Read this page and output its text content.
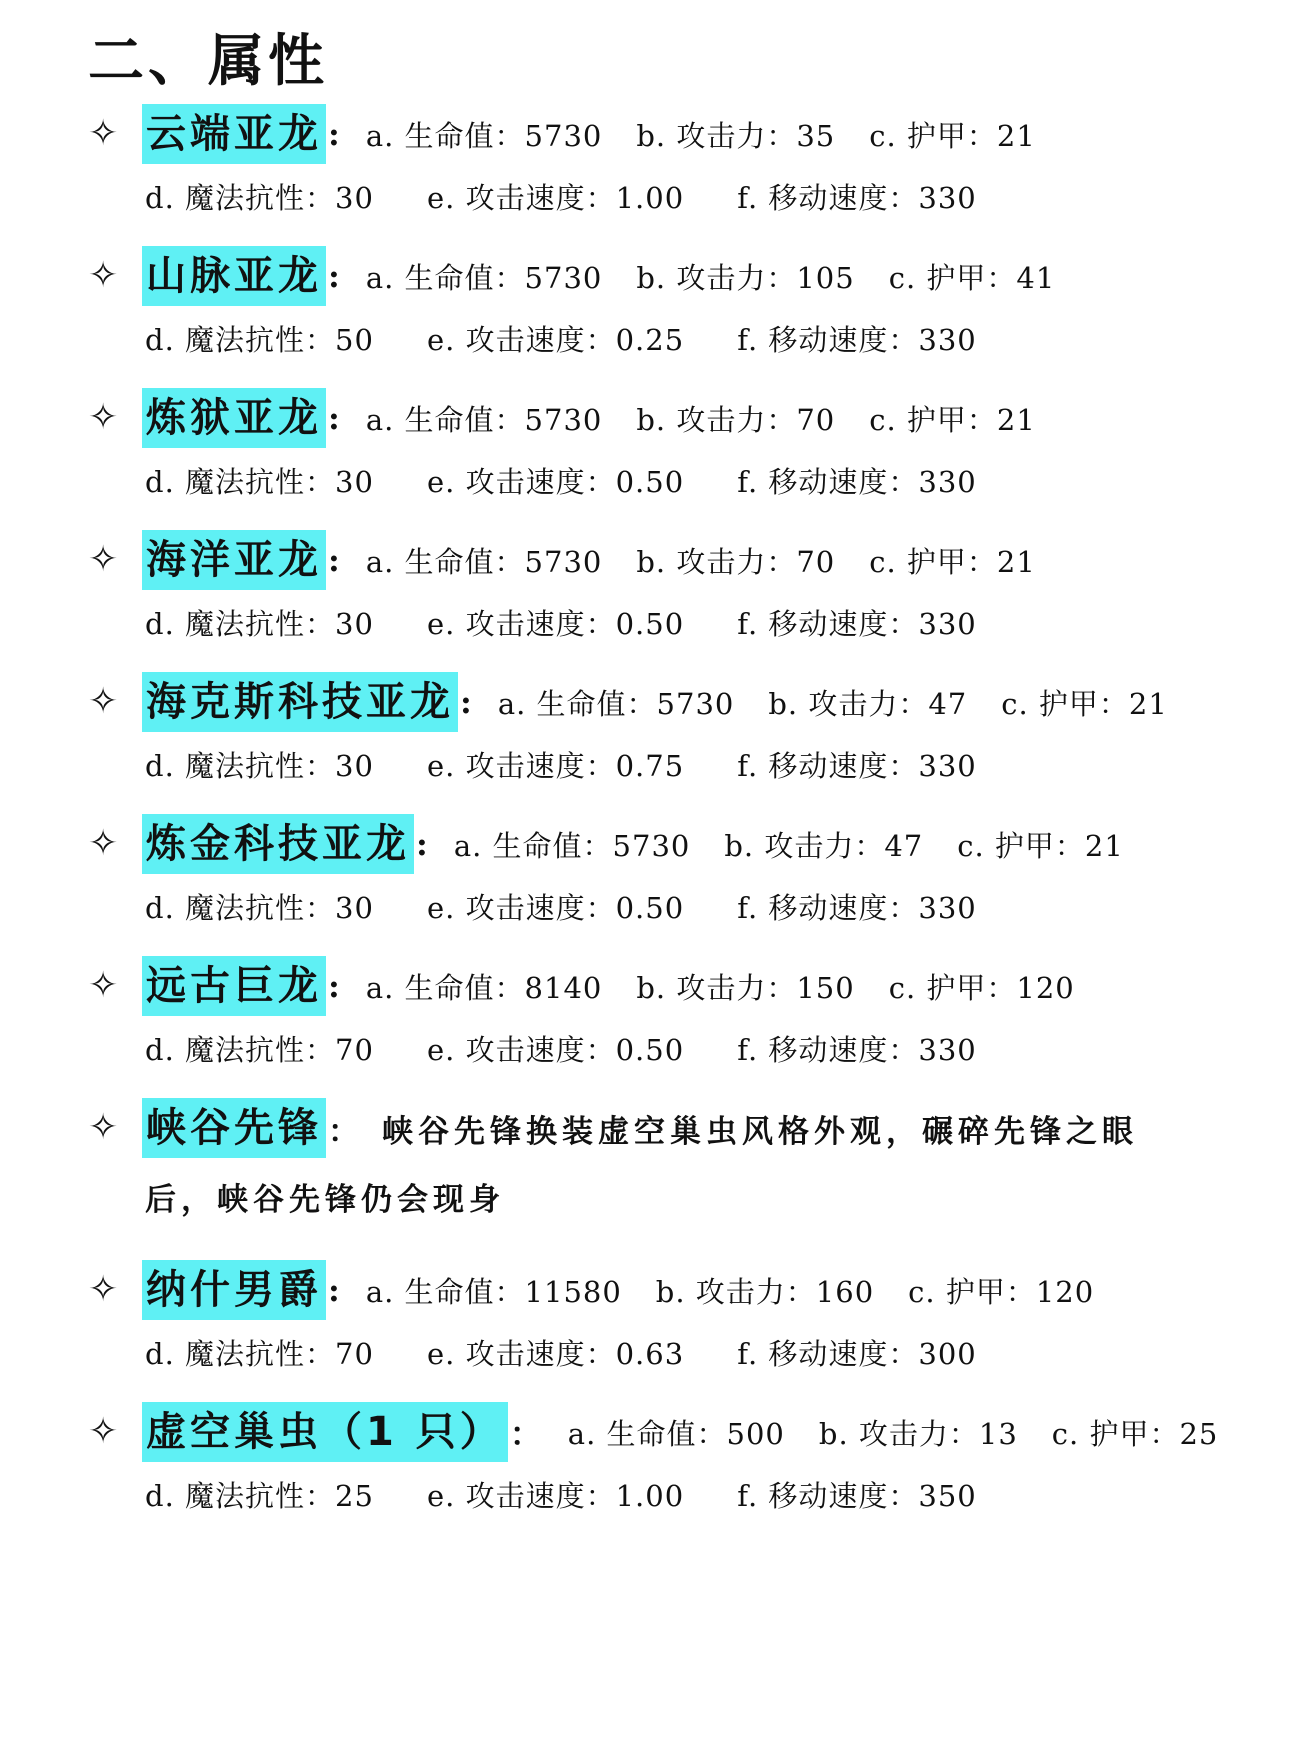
二、属性
✧ 云端亚龙 : a. 生命值：5730 b. 攻击力：35 c. 护甲：21
d. 魔法抗性：30 e. 攻击速度：1.00 f. 移动速度：330
✧ 山脉亚龙 : a. 生命值：5730 b. 攻击力：105 c. 护甲：41
d. 魔法抗性：50 e. 攻击速度：0.25 f. 移动速度：330
✧ 炼狱亚龙 : a. 生命值：5730 b. 攻击力：70 c. 护甲：21
d. 魔法抗性：30 e. 攻击速度：0.50 f. 移动速度：330
✧ 海洋亚龙 : a. 生命值：5730 b. 攻击力：70 c. 护甲：21
d. 魔法抗性：30 e. 攻击速度：0.50 f. 移动速度：330
✧ 海克斯科技亚龙 : a. 生命值：5730 b. 攻击力：47 c. 护甲：21
d. 魔法抗性：30 e. 攻击速度：0.75 f. 移动速度：330
✧ 炼金科技亚龙 : a. 生命值：5730 b. 攻击力：47 c. 护甲：21
d. 魔法抗性：30 e. 攻击速度：0.50 f. 移动速度：330
✧ 远古巨龙 : a. 生命值：8140 b. 攻击力：150 c. 护甲：120
d. 魔法抗性：70 e. 攻击速度：0.50 f. 移动速度：330
✧ 峡谷先锋 ： 峡谷先锋换装虚空巢虫风格外观，碾碎先锋之眼
后，峡谷先锋仍会现身
✧ 纳什男爵 : a. 生命值：11580 b. 攻击力：160 c. 护甲：120
d. 魔法抗性：70 e. 攻击速度：0.63 f. 移动速度：300
✧ 虚空巢虫（1 只） ： a. 生命值：500 b. 攻击力：13 c. 护甲：25
d. 魔法抗性：25 e. 攻击速度：1.00 f. 移动速度：350
